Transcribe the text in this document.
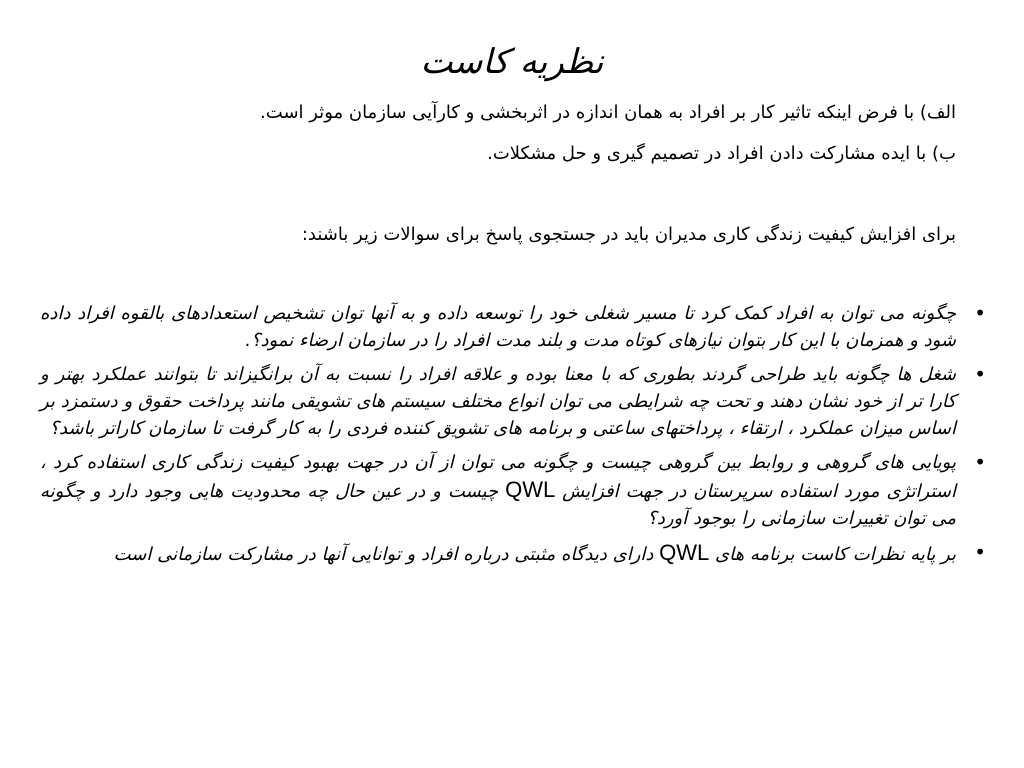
نظریه کاست
الف) با فرض اینکه تاثیر کار بر افراد به همان اندازه در اثربخشی و کارآیی سازمان موثر است.
ب) با ایده مشارکت دادن افراد در تصمیم گیری و حل مشکلات.
برای افزایش کیفیت زندگی کاری مدیران باید در جستجوی پاسخ برای سوالات زیر باشند:
•
چگونه می توان به افراد کمک کرد تا مسیر شغلی خود را توسعه داده و به آنها توان تشخیص استعدادهای بالقوه افراد داده شود و همزمان با این کار بتوان نیازهای کوتاه مدت و بلند مدت افراد را در سازمان ارضاء نمود؟.
•
شغل ها چگونه باید طراحی گردند بطوری که با معنا بوده و علاقه افراد را نسبت به آن برانگیزاند تا بتوانند عملکرد بهتر و کارا تر از خود نشان دهند و تحت چه شرایطی می توان انواع مختلف سیستم های تشویقی مانند پرداخت حقوق و دستمزد بر اساس میزان عملکرد ، ارتقاء ، پرداختهای ساعتی و برنامه های تشویق کننده فردی را به کار گرفت تا سازمان کاراتر باشد؟
•
پویایی های گروهی و روابط بین گروهی چیست و چگونه می توان از آن در جهت بهبود کیفیت زندگی کاری استفاده کرد ، استراتژی مورد استفاده سرپرستان در جهت افزایش QWL چیست و در عین حال چه محدودیت هایی وجود دارد و چگونه می توان تغییرات سازمانی را بوجود آورد؟
•
بر پایه نظرات کاست برنامه های QWL دارای دیدگاه مثبتی درباره افراد و توانایی آنها در مشارکت سازمانی است
